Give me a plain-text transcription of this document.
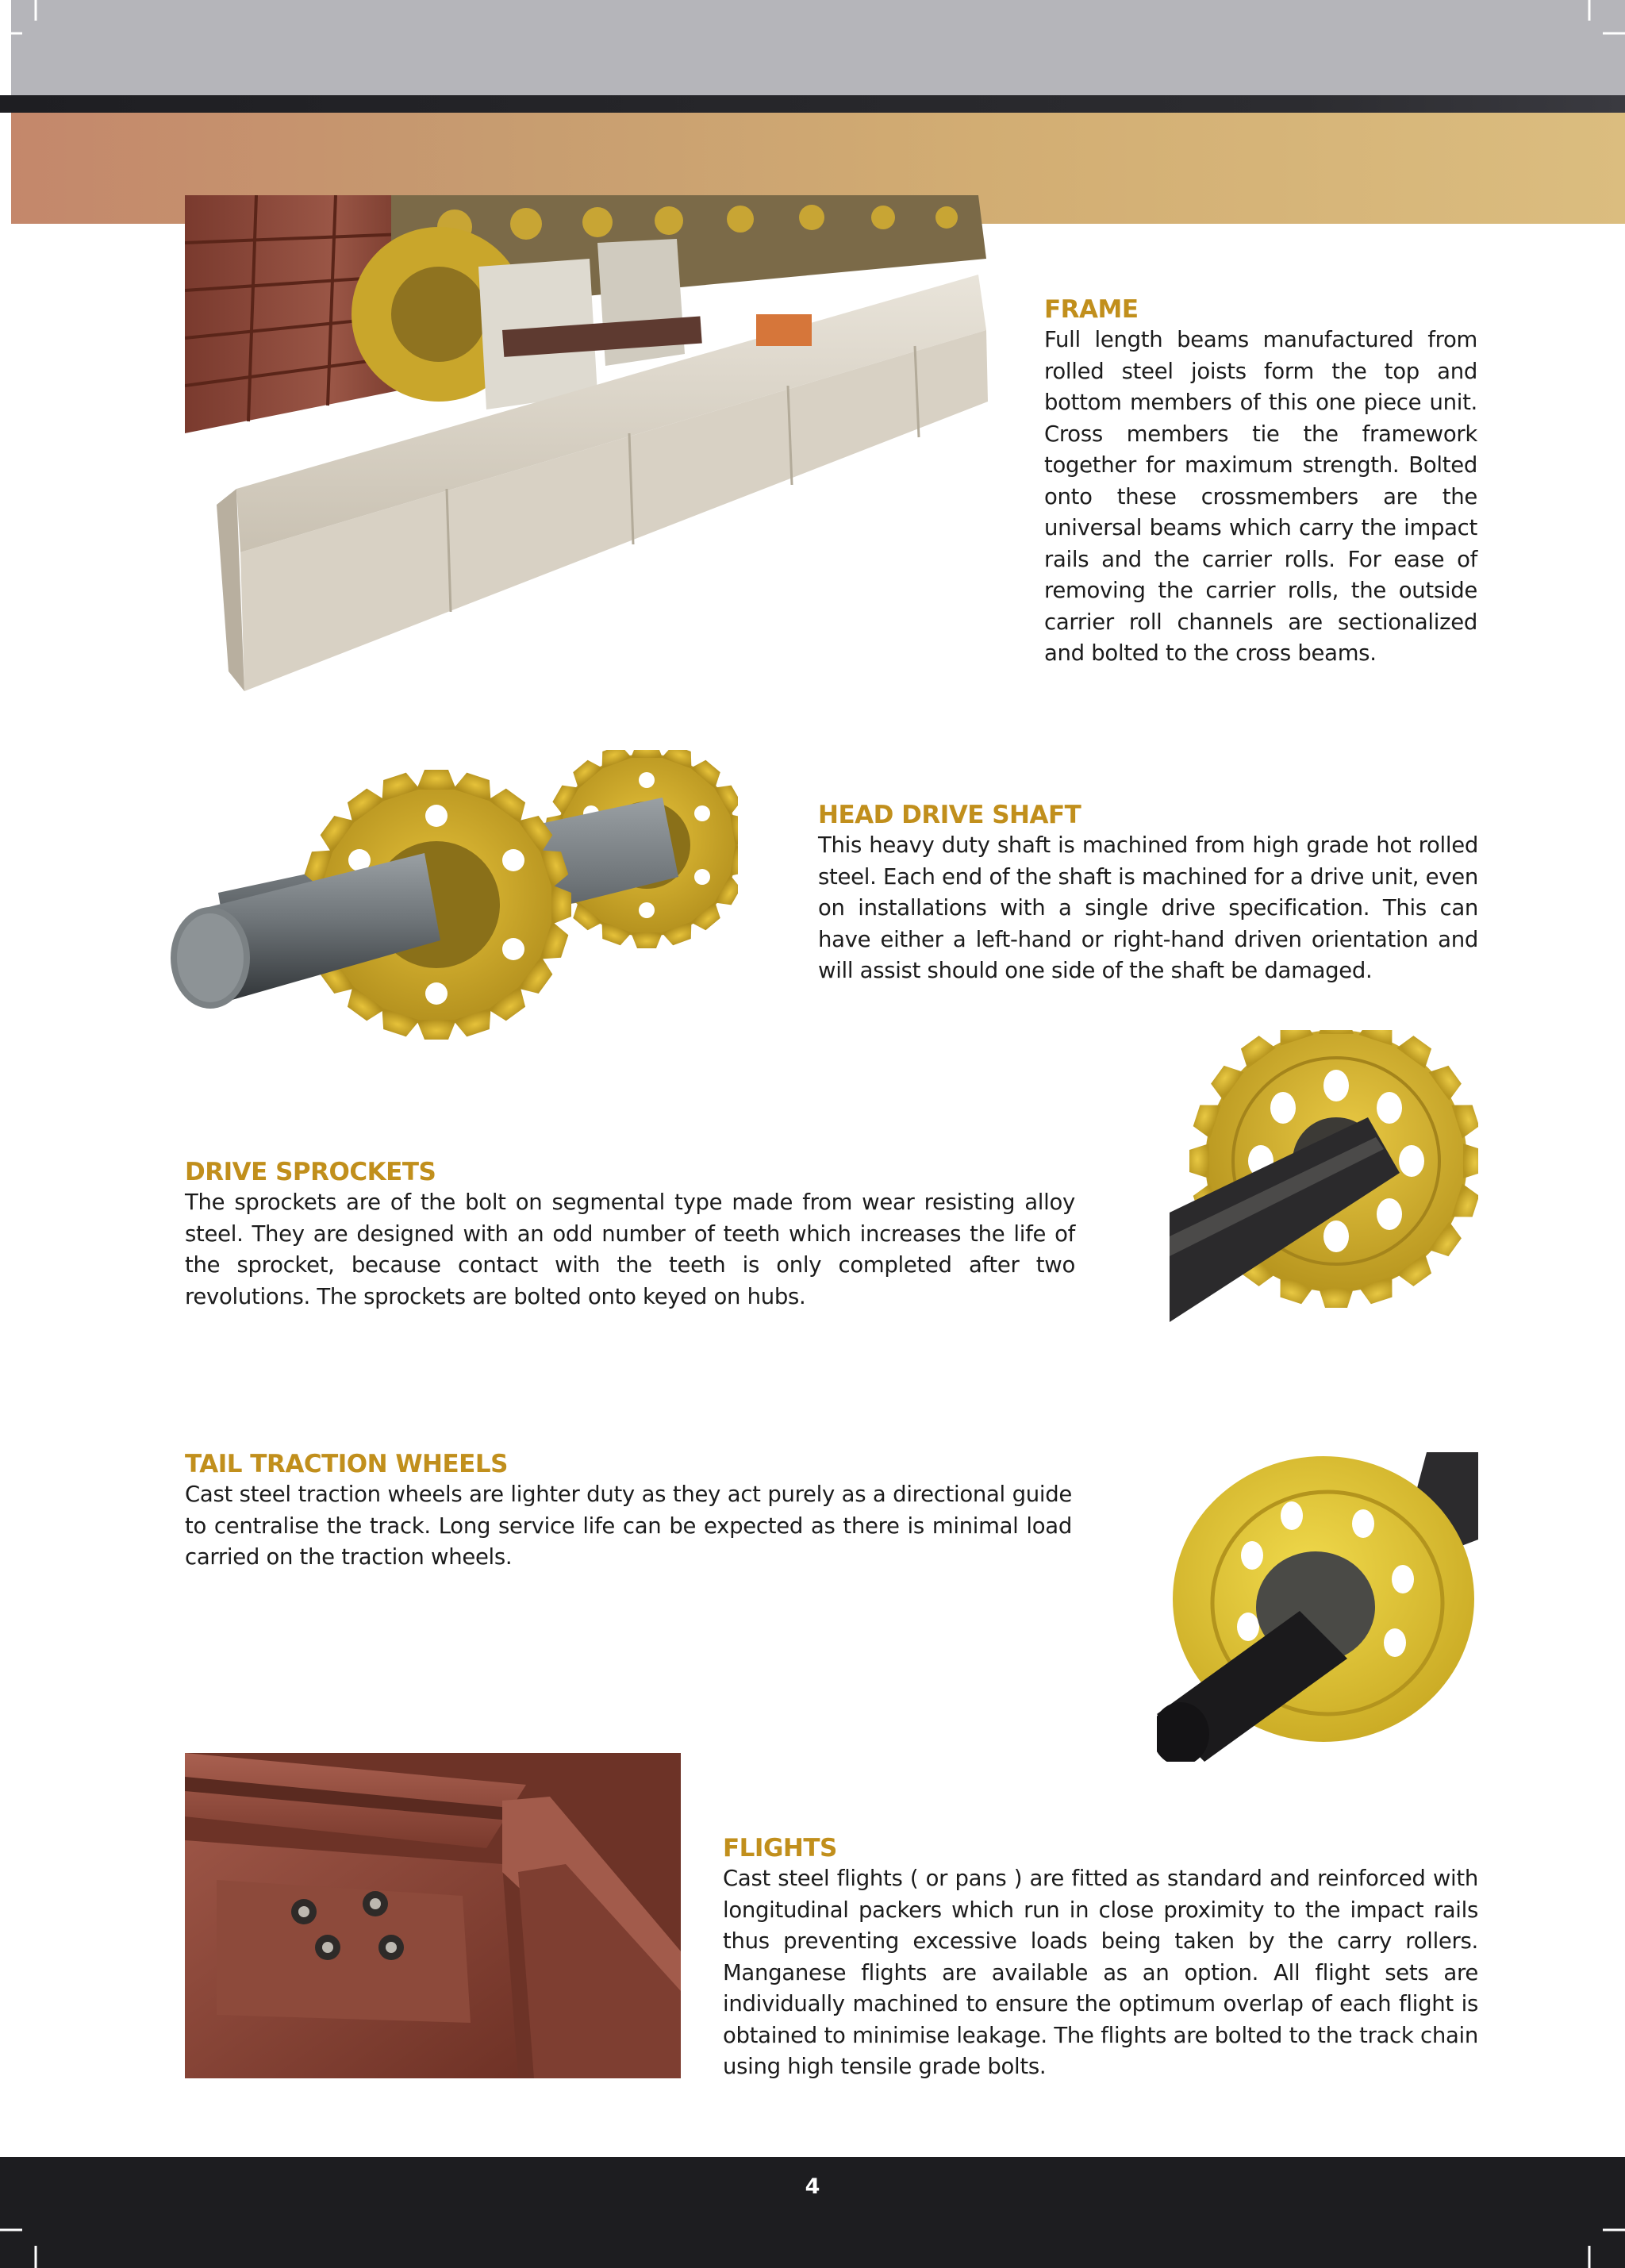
FRAME

Full length beams manufactured from rolled steel joists form the top and bottom members of this one piece unit. Cross members tie the framework together for maximum strength. Bolted onto these crossmembers are the universal beams which carry the impact rails and the carrier rolls. For ease of removing the carrier rolls, the outside carrier roll channels are sectionalized and bolted to the cross beams.

HEAD DRIVE SHAFT

This heavy duty shaft is machined from high grade hot rolled steel. Each end of the shaft is machined for a drive unit, even on installations with a single drive specification. This can have either a left-hand or right-hand driven orientation and will assist should one side of the shaft be damaged.

DRIVE SPROCKETS

The sprockets are of the bolt on segmental type made from wear resisting alloy steel. They are designed with an odd number of teeth which increases the life of the sprocket, because contact with the teeth is only completed after two revolutions. The sprockets are bolted onto keyed on hubs.

TAIL TRACTION WHEELS

Cast steel traction wheels are lighter duty as they act purely as a directional guide to centralise the track. Long service life can be expected as there is minimal load carried on the traction wheels.

FLIGHTS

Cast steel flights ( or pans ) are fitted as standard and reinforced with longitudinal packers which run in close proximity to the impact rails thus preventing excessive loads being taken by the carry rollers. Manganese flights are available as an option. All flight sets are individually machined to ensure the optimum overlap of each flight is obtained to minimise leakage. The flights are bolted to the track chain using high tensile grade bolts.

4
